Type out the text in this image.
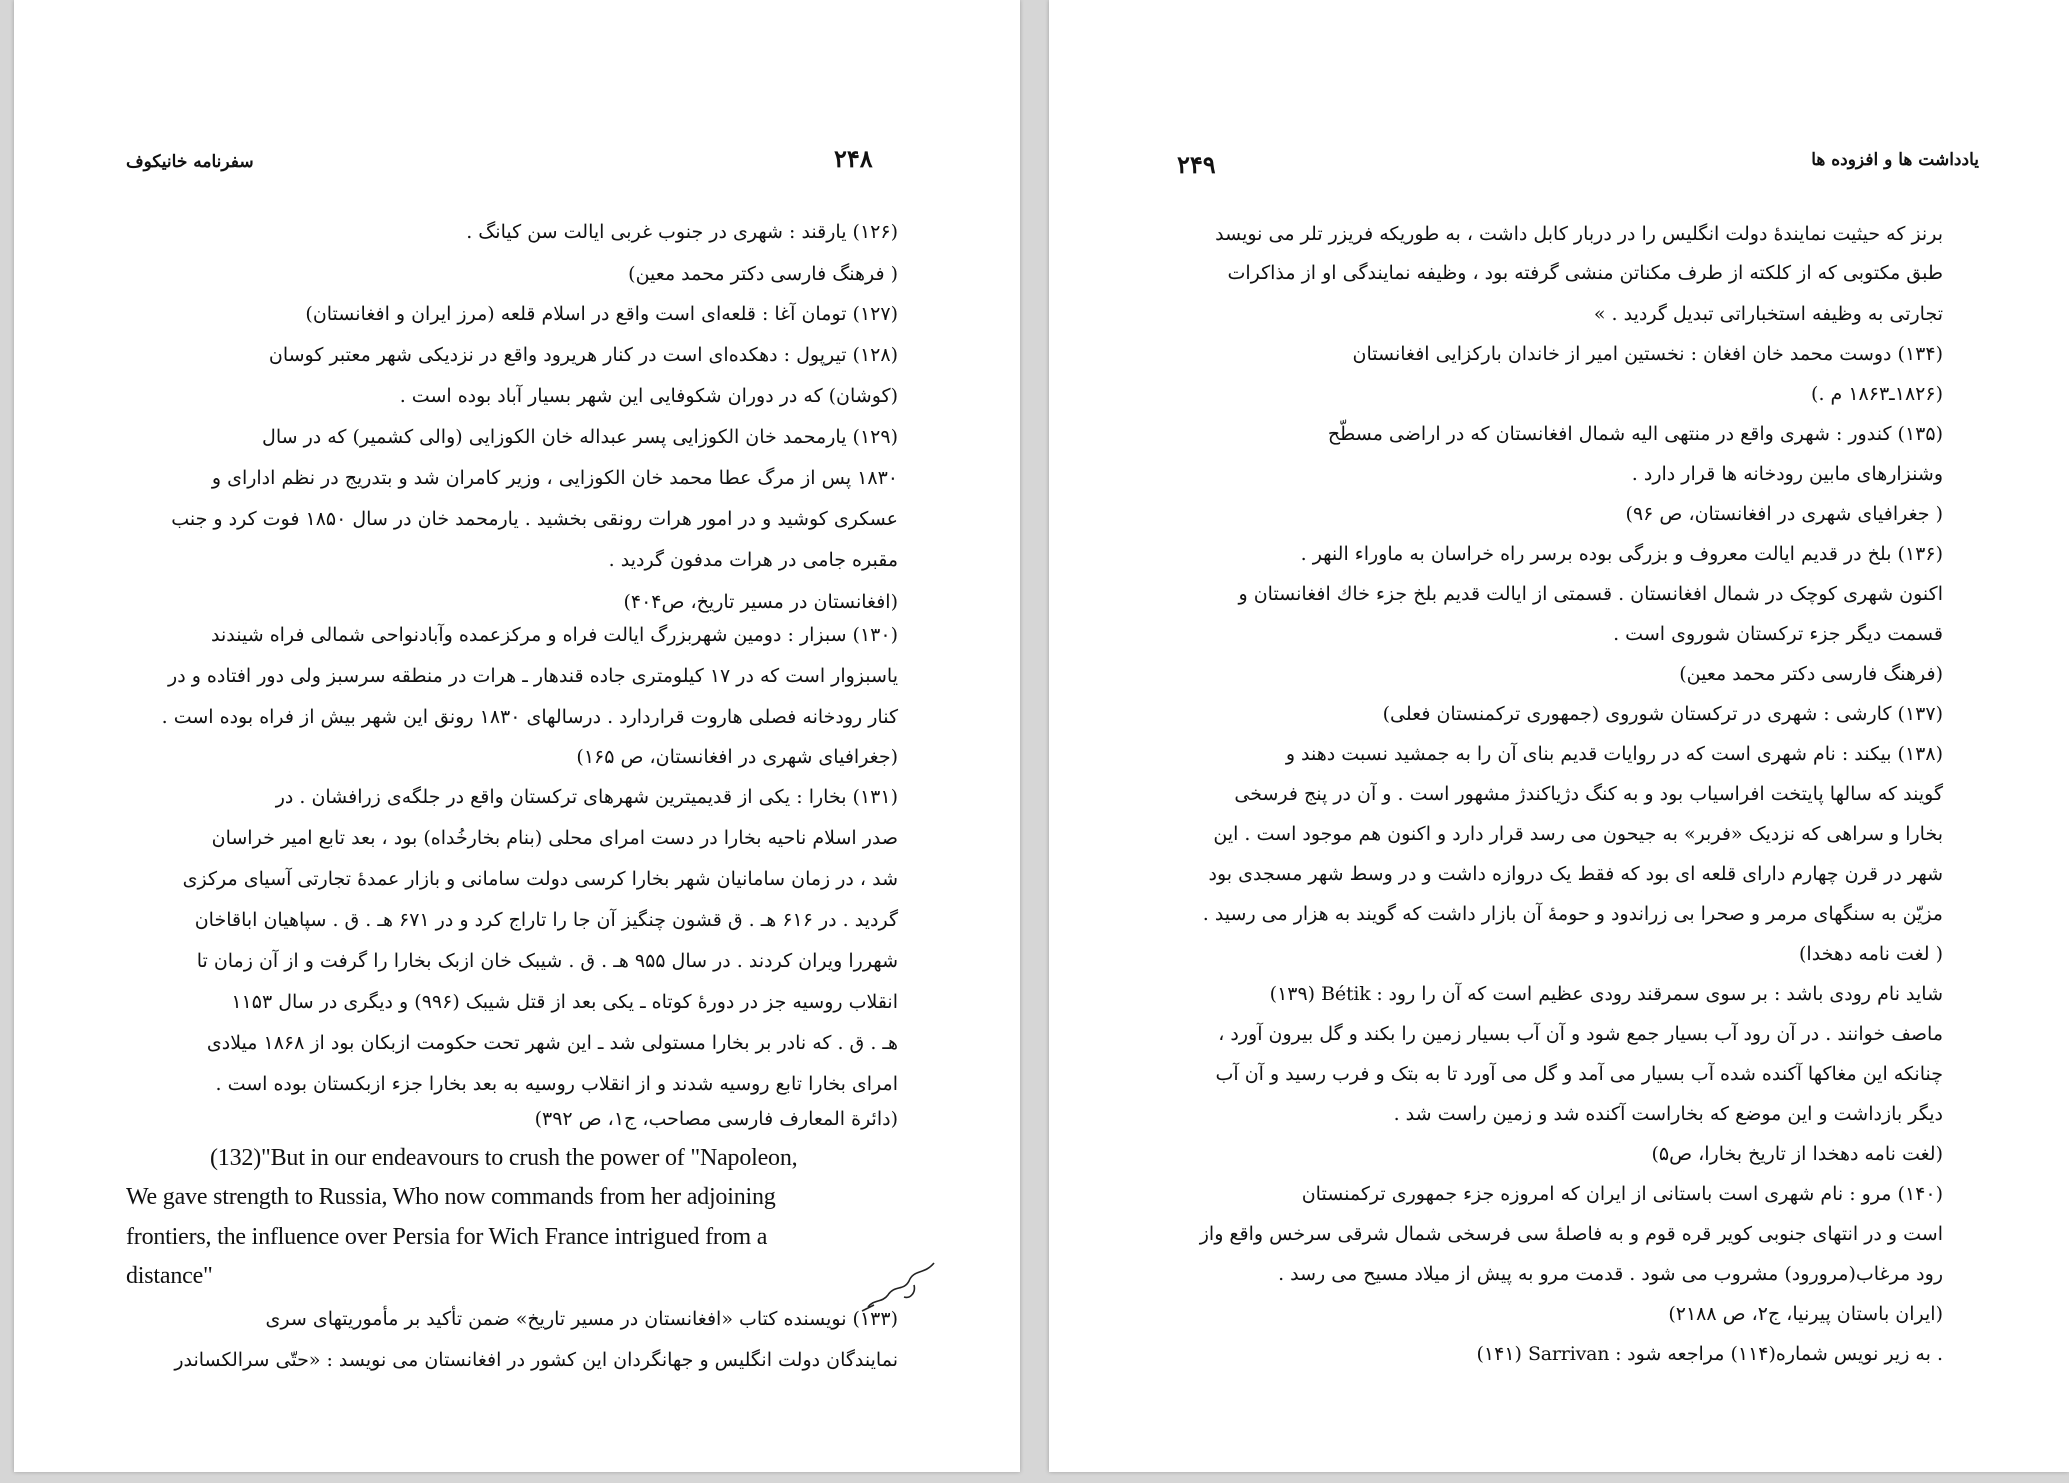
سفرنامه خانیکوف	۲۴۸
(۱۲۶) یارقند : شهری در جنوب غربی ایالت سن کیانگ .
( فرهنگ فارسی دکتر محمد معین)
(۱۲۷) تومان آغا : قلعه‌ای است واقع در اسلام قلعه (مرز ایران و افغانستان)
(۱۲۸) تیرپول : دهکده‌ای است در کنار هریرود واقع در نزدیکی شهر معتبر کوسان
(کوشان) که در دوران شکوفایی این شهر بسیار آباد بوده است .
(۱۲۹) یارمحمد خان الکوزایی پسر عبداله خان الکوزایی (والی کشمیر) که در سال
۱۸۳۰ پس از مرگ عطا محمد خان الکوزایی ، وزیر کامران شد و بتدریج در نظم ادارای و
عسکری کوشید و در امور هرات رونقی بخشید . یارمحمد خان در سال ۱۸۵۰ فوت کرد و جنب
مقبره جامی در هرات مدفون گردید .
(افغانستان در مسیر تاریخ، ص۴۰۴)
(۱۳۰) سبزار : دومین شهربزرگ ایالت فراه و مرکزعمده وآبادنواحی شمالی فراه شیندند
یاسبزوار است که در ۱۷ کیلومتری جاده قندهار ـ هرات در منطقه سرسبز ولی دور افتاده و در
کنار رودخانه فصلی هاروت قراردارد . درسالهای ۱۸۳۰ رونق این شهر بیش از فراه بوده است .
(جغرافیای شهری در افغانستان، ص ۱۶۵)
(۱۳۱) بخارا : یکی از قدیمیترین شهرهای ترکستان واقع در جلگه‌ی زرافشان . در
صدر اسلام ناحیه بخارا در دست امرای محلی (بنام بخارخُداه) بود ، بعد تابع امیر خراسان
شد ، در زمان سامانیان شهر بخارا کرسی دولت سامانی و بازار عمدهٔ تجارتی آسیای مرکزی
گردید . در ۶۱۶ هـ . ق قشون چنگیز آن جا را تاراج کرد و در ۶۷۱ هـ . ق . سپاهیان اباقاخان
شهررا ویران کردند . در سال ۹۵۵ هـ . ق . شیبک خان ازبک بخارا را گرفت و از آن زمان تا
انقلاب روسیه جز در دورهٔ کوتاه ـ یکی بعد از قتل شیبک (۹۹۶) و دیگری در سال ۱۱۵۳
هـ . ق . که نادر بر بخارا مستولی شد ـ این شهر تحت حکومت ازبکان بود از ۱۸۶۸ میلادی
امرای بخارا تابع روسیه شدند و از انقلاب روسیه به بعد بخارا جزء ازبکستان بوده است .
(دائرة المعارف فارسی مصاحب، ج۱، ص ۳۹۲)
(132)"But in our endeavours to crush the power of "Napoleon,
We gave strength to Russia, Who now commands from her adjoining
frontiers, the influence over Persia for Wich France intrigued from a
distance"
(۱۳۳) نویسنده کتاب «افغانستان در مسیر تاریخ» ضمن تأکید بر مأموریتهای سری
نمایندگان دولت انگلیس و جهانگردان این کشور در افغانستان می نویسد : «حتّی سرالکساندر
یادداشت ها و افزوده ها
۲۴۹
برنز که حیثیت نمایندهٔ دولت انگلیس را در دربار کابل داشت ، به طوریکه فریزر تلر می نویسد
طبق مکتوبی که از کلکته از طرف مکناتن منشی گرفته بود ، وظیفه نمایندگی او از مذاکرات
تجارتی به وظیفه استخباراتی تبدیل گردید . »
(۱۳۴) دوست محمد خان افغان : نخستین امیر از خاندان بارکزایی افغانستان
(۱۸۲۶ـ۱۸۶۳ م .)
(۱۳۵) کندور : شهری واقع در منتهی الیه شمال افغانستان که در اراضی مسطّح
وشنزارهای مابین رودخانه ها قرار دارد .
( جغرافیای شهری در افغانستان، ص ۹۶)
(۱۳۶) بلخ در قدیم ایالت معروف و بزرگی بوده برسر راه خراسان به ماوراء النهر .
اکنون شهری کوچک در شمال افغانستان . قسمتی از ایالت قدیم بلخ جزء خاك افغانستان و
قسمت دیگر جزء ترکستان شوروی است .
(فرهنگ فارسی دکتر محمد معین)
(۱۳۷) کارشی : شهری در ترکستان شوروی (جمهوری ترکمنستان فعلی)
(۱۳۸) بیکند : نام شهری است که در روایات قدیم بنای آن را به جمشید نسبت دهند و
گویند که سالها پایتخت افراسیاب بود و به کنگ دژیاکندژ مشهور است . و آن در پنج فرسخی
بخارا و سراهی که نزدیک «فربر» به جیحون می رسد قرار دارد و اکنون هم موجود است . این
شهر در قرن چهارم دارای قلعه ای بود که فقط یک دروازه داشت و در وسط شهر مسجدی بود
مزیّن به سنگهای مرمر و صحرا بی زراندود و حومهٔ آن بازار داشت که گویند به هزار می رسید .
( لغت نامه دهخدا)
(۱۳۹) Bétik : شاید نام رودی باشد : بر سوی سمرقند رودی عظیم است که آن را رود
ماصف خوانند . در آن رود آب بسیار جمع شود و آن آب بسیار زمین را بکند و گل بیرون آورد ،
چنانکه این مغاکها آکنده شده آب بسیار می آمد و گل می آورد تا به بتک و فرب رسید و آن آب
دیگر بازداشت و این موضع که بخاراست آکنده شد و زمین راست شد .
(لغت نامه دهخدا از تاریخ بخارا، ص۵)
(۱۴۰) مرو : نام شهری است باستانی از ایران که امروزه جزء جمهوری ترکمنستان
است و در انتهای جنوبی کویر قره قوم و به فاصلهٔ سی فرسخی شمال شرقی سرخس واقع واز
رود مرغاب(مرورود) مشروب می شود . قدمت مرو به پیش از میلاد مسیح می رسد .
(ایران باستان پیرنیا، ج۲، ص ۲۱۸۸)
(۱۴۱) Sarrivan : به زیر نویس شماره(۱۱۴) مراجعه شود .
